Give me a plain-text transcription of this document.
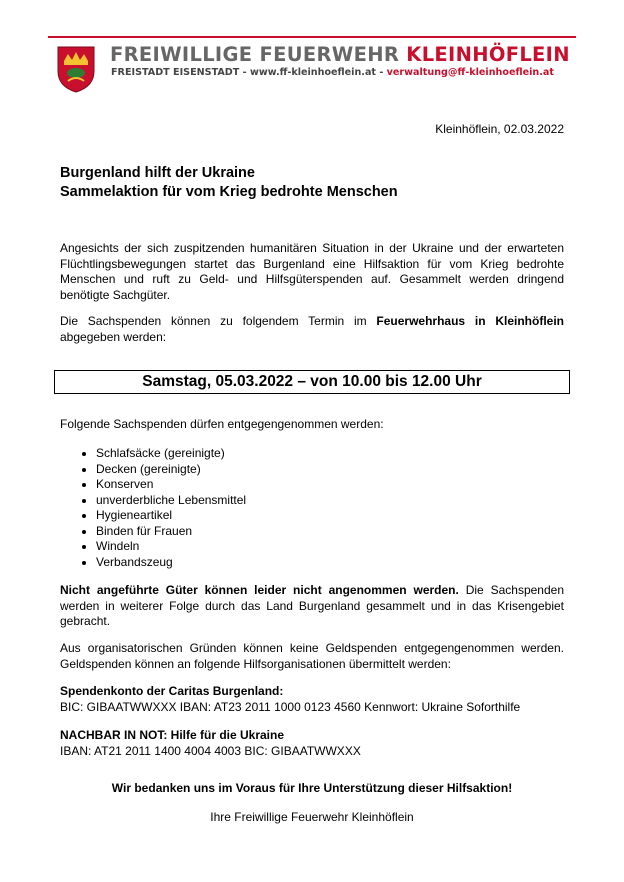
FREIWILLIGE FEUERWEHR KLEINHÖFLEIN
FREISTADT EISENSTADT - www.ff-kleinhoeflein.at - verwaltung@ff-kleinhoeflein.at
Kleinhöflein, 02.03.2022
Burgenland hilft der Ukraine
Sammelaktion für vom Krieg bedrohte Menschen
Angesichts der sich zuspitzenden humanitären Situation in der Ukraine und der erwarteten Flüchtlingsbewegungen startet das Burgenland eine Hilfsaktion für vom Krieg bedrohte Menschen und ruft zu Geld- und Hilfsgüterspenden auf. Gesammelt werden dringend benötigte Sachgüter.
Die Sachspenden können zu folgendem Termin im Feuerwehrhaus in Kleinhöflein abgegeben werden:
Samstag, 05.03.2022 – von 10.00 bis 12.00 Uhr
Folgende Sachspenden dürfen entgegengenommen werden:
• Schlafsäcke (gereinigte)
• Decken (gereinigte)
• Konserven
• unverderbliche Lebensmittel
• Hygieneartikel
• Binden für Frauen
• Windeln
• Verbandszeug
Nicht angeführte Güter können leider nicht angenommen werden. Die Sachspenden werden in weiterer Folge durch das Land Burgenland gesammelt und in das Krisengebiet gebracht.
Aus organisatorischen Gründen können keine Geldspenden entgegengenommen werden. Geldspenden können an folgende Hilfsorganisationen übermittelt werden:
Spendenkonto der Caritas Burgenland:
BIC: GIBAATWWXXX IBAN: AT23 2011 1000 0123 4560 Kennwort: Ukraine Soforthilfe
NACHBAR IN NOT: Hilfe für die Ukraine
IBAN: AT21 2011 1400 4004 4003 BIC: GIBAATWWXXX
Wir bedanken uns im Voraus für Ihre Unterstützung dieser Hilfsaktion!
Ihre Freiwillige Feuerwehr Kleinhöflein
